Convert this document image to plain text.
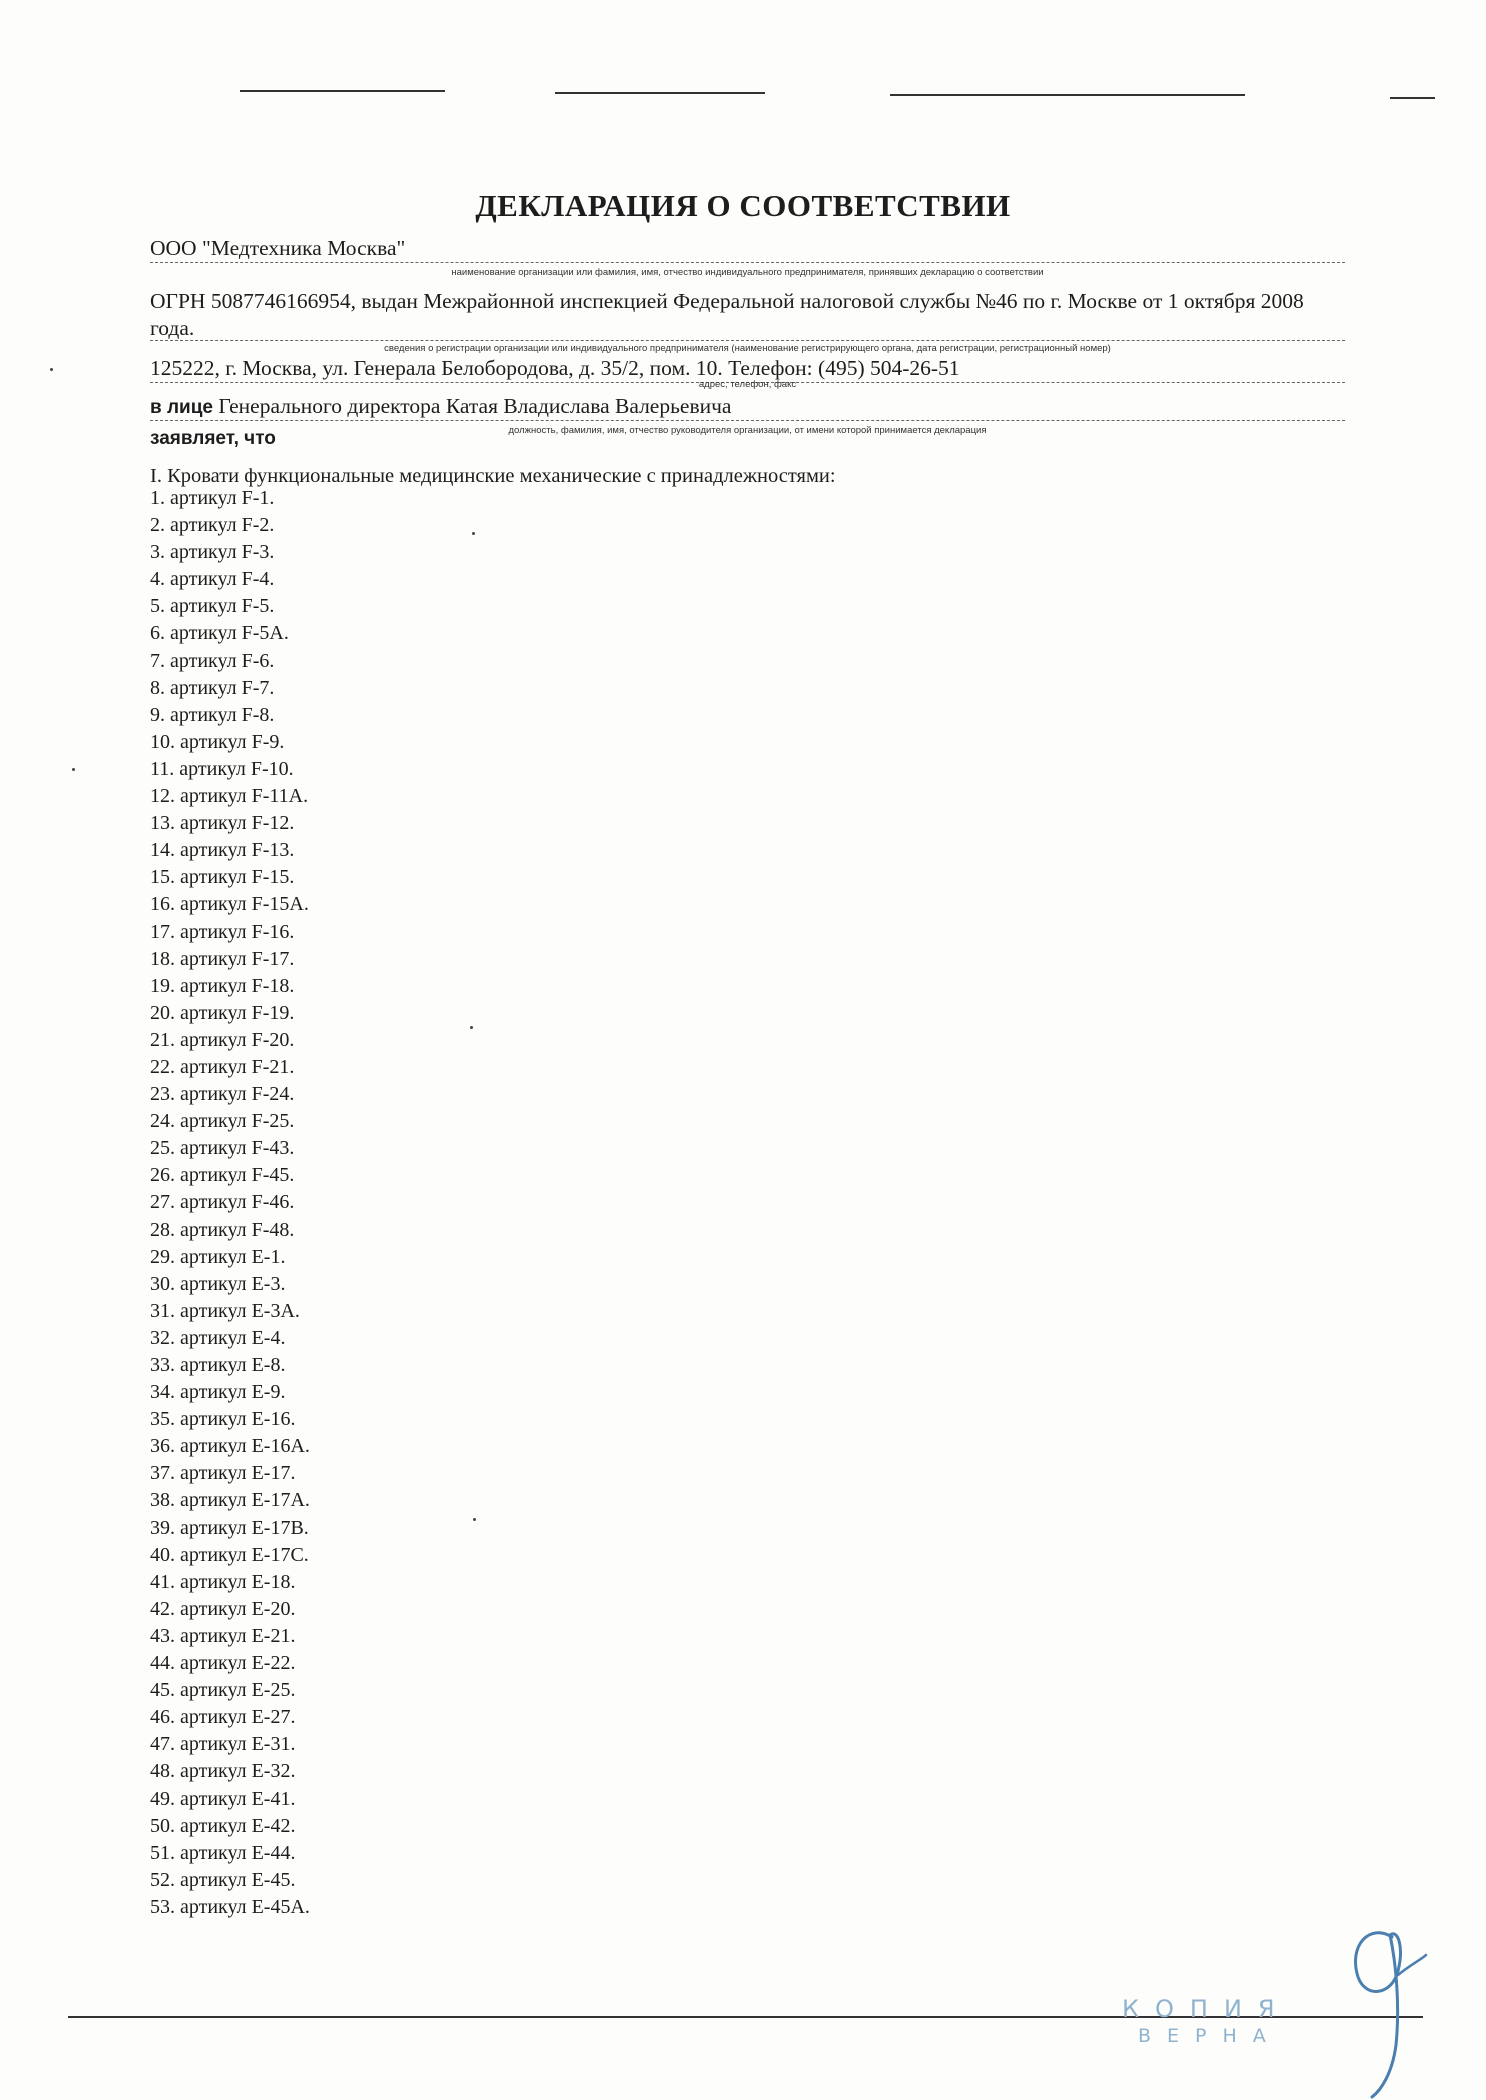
ДЕКЛАРАЦИЯ О СООТВЕТСТВИИ
ООО "Медтехника Москва"
наименование организации или фамилия, имя, отчество индивидуального предпринимателя, принявших декларацию о соответствии
ОГРН 5087746166954, выдан Межрайонной инспекцией Федеральной налоговой службы №46 по г. Москве от 1 октября 2008 года.
сведения о регистрации организации или индивидуального предпринимателя (наименование регистрирующего органа, дата регистрации, регистрационный номер)
125222, г. Москва, ул. Генерала Белобородова, д. 35/2, пом. 10. Телефон: (495) 504-26-51
адрес, телефон, факс
в лице Генерального директора Катая Владислава Валерьевича
должность, фамилия, имя, отчество руководителя организации, от имени которой принимается декларация
заявляет, что
I. Кровати функциональные медицинские механические с принадлежностями:
1. артикул F-1.
2. артикул F-2.
3. артикул F-3.
4. артикул F-4.
5. артикул F-5.
6. артикул F-5A.
7. артикул F-6.
8. артикул F-7.
9. артикул F-8.
10. артикул F-9.
11. артикул F-10.
12. артикул F-11A.
13. артикул F-12.
14. артикул F-13.
15. артикул F-15.
16. артикул F-15A.
17. артикул F-16.
18. артикул F-17.
19. артикул F-18.
20. артикул F-19.
21. артикул F-20.
22. артикул F-21.
23. артикул F-24.
24. артикул F-25.
25. артикул F-43.
26. артикул F-45.
27. артикул F-46.
28. артикул F-48.
29. артикул E-1.
30. артикул E-3.
31. артикул E-3A.
32. артикул E-4.
33. артикул E-8.
34. артикул E-9.
35. артикул E-16.
36. артикул E-16A.
37. артикул E-17.
38. артикул E-17A.
39. артикул E-17B.
40. артикул E-17C.
41. артикул E-18.
42. артикул E-20.
43. артикул E-21.
44. артикул E-22.
45. артикул E-25.
46. артикул E-27.
47. артикул E-31.
48. артикул E-32.
49. артикул E-41.
50. артикул E-42.
51. артикул E-44.
52. артикул E-45.
53. артикул E-45A.
КОПИЯ
ВЕРНА
